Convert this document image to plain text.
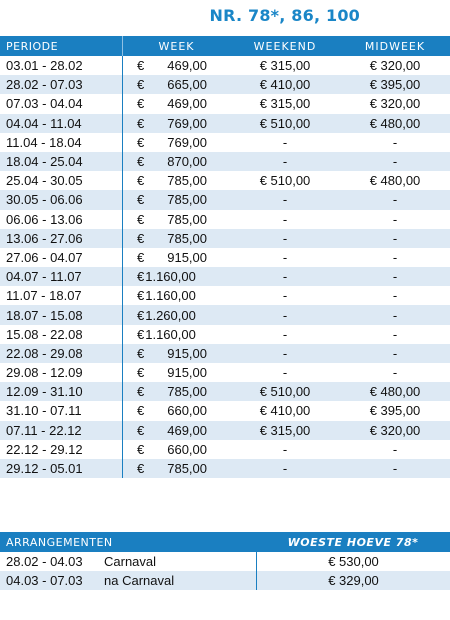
NR. 78*, 86, 100
PERIODE	WEEK	WEEKEND	MIDWEEK
03.01 - 28.02	€	469,00	€ 315,00	€ 320,00
28.02 - 07.03	€	665,00	€ 410,00	€ 395,00
07.03 - 04.04	€	469,00	€ 315,00	€ 320,00
04.04 - 11.04	€	769,00	€ 510,00	€ 480,00
11.04 - 18.04	€	769,00	-	-
18.04 - 25.04	€	870,00	-	-
25.04 - 30.05	€	785,00	€ 510,00	€ 480,00
30.05 - 06.06	€	785,00	-	-
06.06 - 13.06	€	785,00	-	-
13.06 - 27.06	€	785,00	-	-
27.06 - 04.07	€	915,00	-	-
04.07 - 11.07	€ 1.160,00	-	-
11.07 - 18.07	€ 1.160,00	-	-
18.07 - 15.08	€ 1.260,00	-	-
15.08 - 22.08	€ 1.160,00	-	-
22.08 - 29.08	€	915,00	-	-
29.08 - 12.09	€	915,00	-	-
12.09 - 31.10	€	785,00	€ 510,00	€ 480,00
31.10 - 07.11	€	660,00	€ 410,00	€ 395,00
07.11 - 22.12	€	469,00	€ 315,00	€ 320,00
22.12 - 29.12	€	660,00	-	-
29.12 - 05.01	€	785,00	-	-
ARRANGEMENTEN	WOESTE HOEVE 78*
28.02 - 04.03	Carnaval	€ 530,00
04.03 - 07.03	na Carnaval	€ 329,00
